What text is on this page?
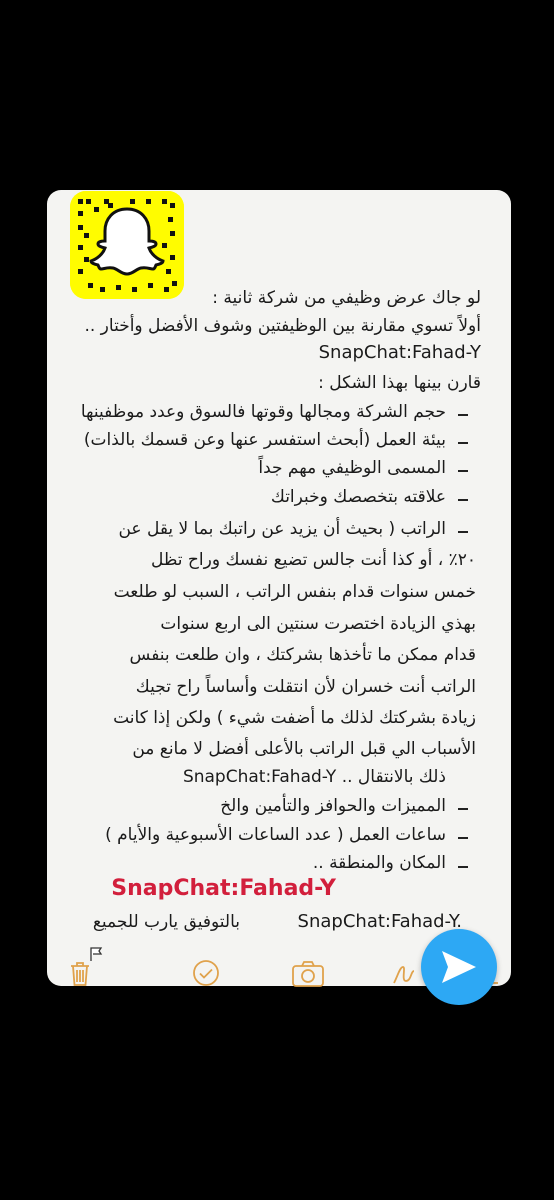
لو جاك عرض وظيفي من شركة ثانية :
أولاً تسوي مقارنة بين الوظيفتين وشوف الأفضل وأختار ..
SnapChat:Fahad-Y
قارن بينها بهذا الشكل :
حجم الشركة ومجالها وقوتها فالسوق وعدد موظفينها
بيئة العمل (أبحث استفسر عنها وعن قسمك بالذات)
المسمى الوظيفي مهم جداً
علاقته بتخصصك وخبراتك
الراتب ( بحيث أن يزيد عن راتبك بما لا يقل عن
٢٠٪ ، أو كذا أنت جالس تضيع نفسك وراح تظل
خمس سنوات قدام بنفس الراتب ، السبب لو طلعت
بهذي الزيادة اختصرت سنتين الى اربع سنوات
قدام ممكن ما تأخذها بشركتك ، وان طلعت بنفس
الراتب أنت خسران لأن انتقلت وأساساً راح تجيك
زيادة بشركتك لذلك ما أضفت شيء ) ولكن إذا كانت
الأسباب الي قبل الراتب بالأعلى أفضل لا مانع من
ذلك بالانتقال .. SnapChat:Fahad-Y
المميزات والحوافز والتأمين والخ
ساعات العمل ( عدد الساعات الأسبوعية والأيام )
المكان والمنطقة ..
SnapChat:Fahad-Y
SnapChat:Fahad-Y.
بالتوفيق يارب للجميع
